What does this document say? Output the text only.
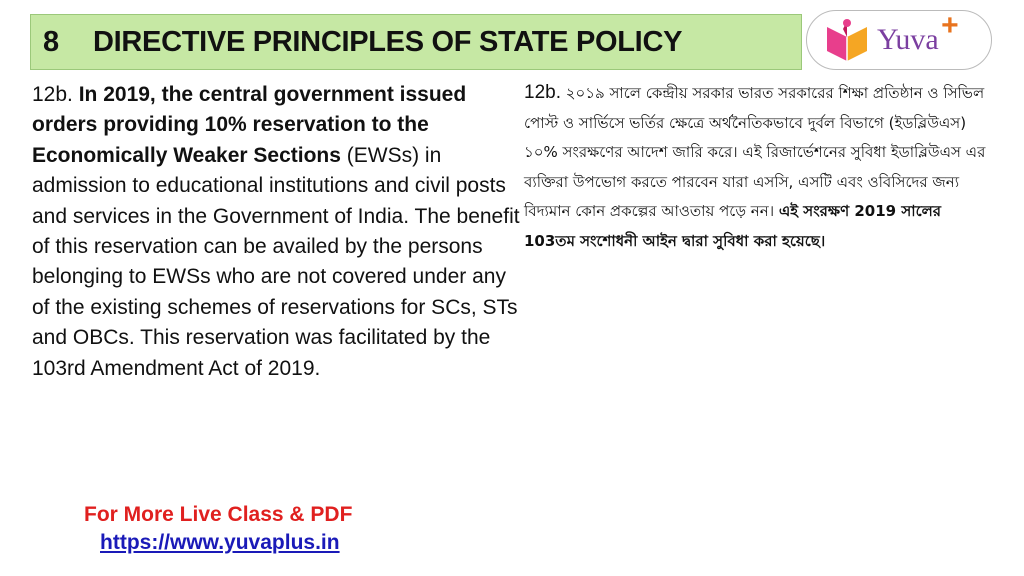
8	DIRECTIVE PRINCIPLES OF STATE POLICY	Yuva +
12b. In 2019, the central government issued orders providing 10% reservation to the Economically Weaker Sections (EWSs) in admission to educational institutions and civil posts and services in the Government of India. The benefit of this reservation can be availed by the persons belonging to EWSs who are not covered under any of the existing schemes of reservations for SCs, STs and OBCs. This reservation was facilitated by the 103rd Amendment Act of 2019.
12b. ২০১৯ সালে কেন্দ্রীয় সরকার ভারত সরকারের শিক্ষা প্রতিষ্ঠান ও সিভিল পোস্ট ও সার্ভিসে ভর্তির ক্ষেত্রে অর্থনৈতিকভাবে দুর্বল বিভাগে (ইডব্লিউএস) ১০% সংরক্ষণের আদেশ জারি করে। এই রিজার্ভেশনের সুবিধা ইডাব্লিউএস এর ব্যক্তিরা উপভোগ করতে পারবেন যারা এসসি, এসটি এবং ওবিসিদের জন্য বিদ্যমান কোন প্রকল্পের আওতায় পড়ে নন। এই সংরক্ষণ 2019 সালের 103তম সংশোধনী আইন দ্বারা সুবিধা করা হয়েছে।
For More Live Class & PDF
https://www.yuvaplus.in
